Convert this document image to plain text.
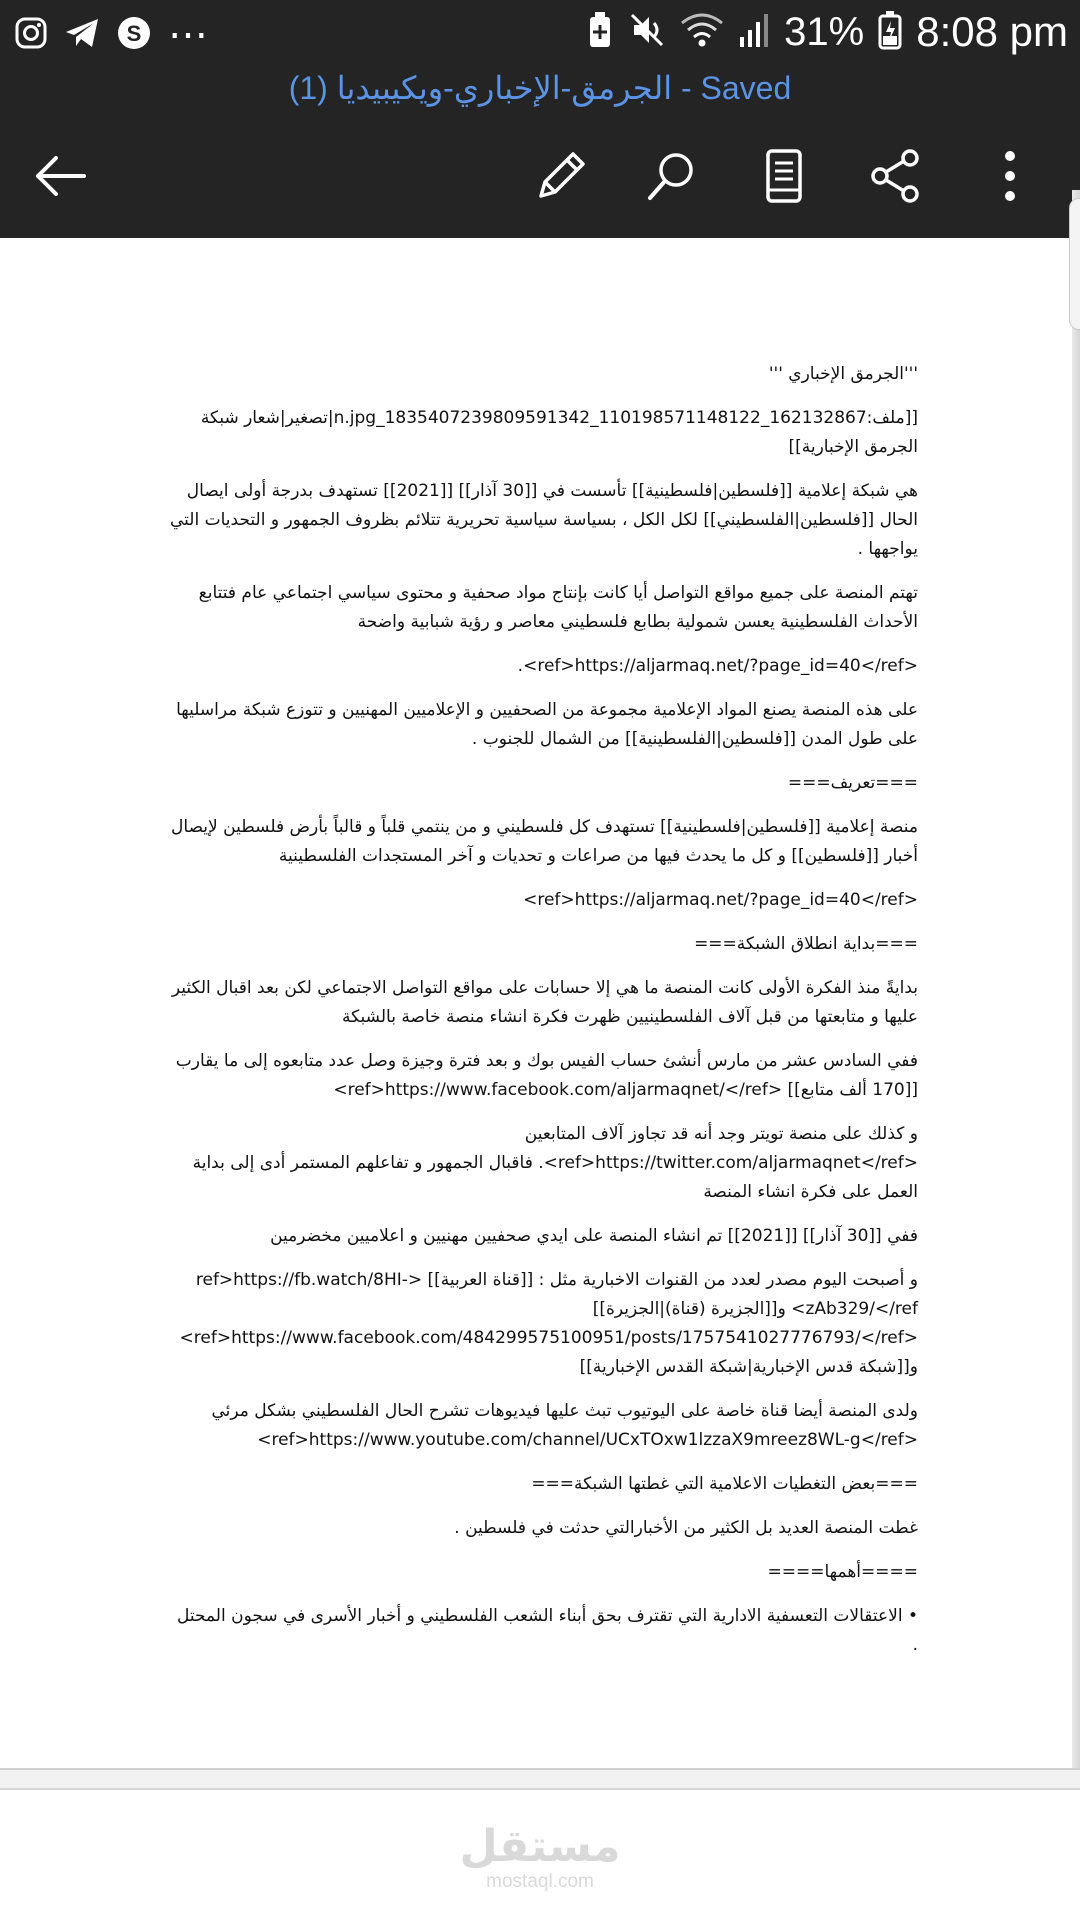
S ⋯	31% 8:08 pm
الجرمق-الإخباري-ويكيبيديا (1) - Saved

'''الجرمق الإخباري '''

[[ملف:162132867_110198571148122_1835407239809591342_n.jpg|تصغير|شعار شبكة الجرمق الإخبارية]]

هي شبكة إعلامية [[فلسطين|فلسطينية]] تأسست في [[30 آذار]] [[2021]] تستهدف بدرجة أولى ايصال الحال [[فلسطين|الفلسطيني]] لكل الكل ، بسياسة سياسية تحريرية تتلائم بظروف الجمهور و التحديات التي يواجهها .

تهتم المنصة على جميع مواقع التواصل أيا كانت بإنتاج مواد صحفية و محتوى سياسي اجتماعي عام فتتابع الأحداث الفلسطينية يعسن شمولية بطابع فلسطيني معاصر و رؤية شبابية واضحة

<ref>https://aljarmaq.net/?page_id=40</ref>.

على هذه المنصة يصنع المواد الإعلامية مجموعة من الصحفيين و الإعلاميين المهنيين و تتوزع شبكة مراسليها على طول المدن [[فلسطين|الفلسطينية]] من الشمال للجنوب .

===تعريف===

منصة إعلامية [[فلسطين|فلسطينية]] تستهدف كل فلسطيني و من ينتمي قلباً و قالباً بأرض فلسطين لإيصال أخبار [[فلسطين]] و كل ما يحدث فيها من صراعات و تحديات و آخر المستجدات الفلسطينية

<ref>https://aljarmaq.net/?page_id=40</ref>

===بداية انطلاق الشبكة===

بدايةً منذ الفكرة الأولى كانت المنصة ما هي إلا حسابات على مواقع التواصل الاجتماعي لكن بعد اقبال الكثير عليها و متابعتها من قبل آلاف الفلسطينيين ظهرت فكرة انشاء منصة خاصة بالشبكة

ففي السادس عشر من مارس أنشئ حساب الفيس بوك و بعد فترة وجيزة وصل عدد متابعوه إلى ما يقارب [[170 ألف متابع]] <ref>https://www.facebook.com/aljarmaqnet/</ref>

و كذلك على منصة تويتر وجد أنه قد تجاوز آلاف المتابعين <ref>https://twitter.com/aljarmaqnet</ref>. فاقبال الجمهور و تفاعلهم المستمر أدى إلى بداية العمل على فكرة انشاء المنصة

ففي [[30 آذار]] [[2021]] تم انشاء المنصة على ايدي صحفيين مهنيين و اعلاميين مخضرمين

و أصبحت اليوم مصدر لعدد من القنوات الاخبارية مثل : [[قناة العربية]] <ref>https://fb.watch/8HI-zAb329/</ref> و[[الجزيرة (قناة)|الجزيرة]] <ref>https://www.facebook.com/484299575100951/posts/1757541027776793/</ref> و[[شبكة قدس الإخبارية|شبكة القدس الإخبارية]]

ولدى المنصة أيضا قناة خاصة على اليوتيوب تبث عليها فيديوهات تشرح الحال الفلسطيني بشكل مرئي <ref>https://www.youtube.com/channel/UCxTOxw1lzzaX9mreez8WL-g</ref>

===بعض التغطيات الاعلامية التي غطتها الشبكة===

غطت المنصة العديد بل الكثير من الأخبارالتي حدثت في فلسطين .

====أهمها====

• الاعتقالات التعسفية الادارية التي تقترف بحق أبناء الشعب الفلسطيني و أخبار الأسرى في سجون المحتل .

مستقل
mostaql.com
